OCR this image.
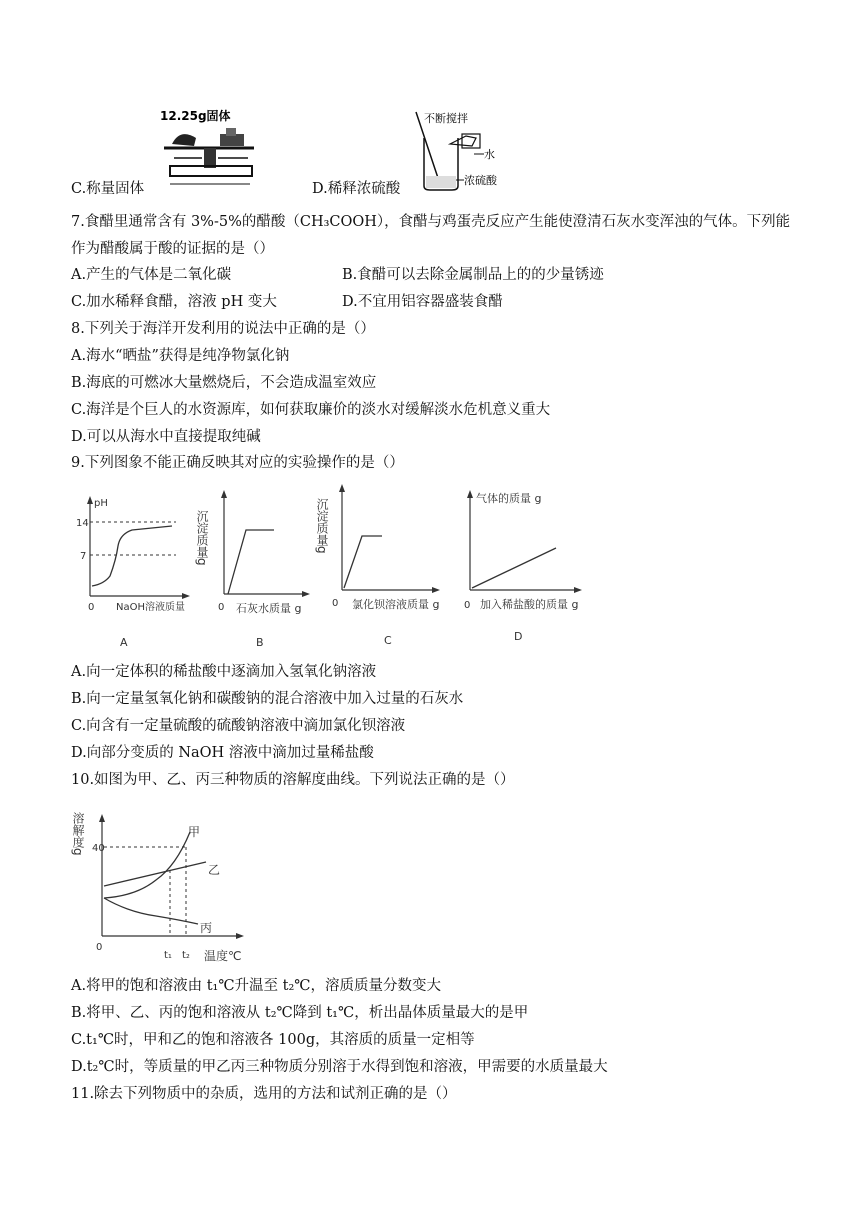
12.25g固体	不断搅拌
水
浓硫酸
C.称量固体	D.稀释浓硫酸
7.食醋里通常含有 3%-5%的醋酸（CH₃COOH），食醋与鸡蛋壳反应产生能使澄清石灰水变浑浊的气体。下列能
作为醋酸属于酸的证据的是（）
A.产生的气体是二氧化碳	B.食醋可以去除金属制品上的的少量锈迹
C.加水稀释食醋，溶液 pH 变大	D.不宜用铝容器盛装食醋
8.下列关于海洋开发利用的说法中正确的是（）
A.海水“晒盐”获得是纯净物氯化钠
B.海底的可燃冰大量燃烧后，不会造成温室效应
C.海洋是个巨人的水资源库，如何获取廉价的淡水对缓解淡水危机意义重大
D.可以从海水中直接提取纯碱
9.下列图象不能正确反映其对应的实验操作的是（）
pH
14
7
0 NaOH溶液质量
A
沉淀质量g
0 石灰水质量 g
B
沉淀质量g
0 氯化钡溶液质量 g
C
气体的质量 g
0 加入稀盐酸的质量 g
D
A.向一定体积的稀盐酸中逐滴加入氢氧化钠溶液
B.向一定量氢氧化钠和碳酸钠的混合溶液中加入过量的石灰水
C.向含有一定量硫酸的硫酸钠溶液中滴加氯化钡溶液
D.向部分变质的 NaOH 溶液中滴加过量稀盐酸
10.如图为甲、乙、丙三种物质的溶解度曲线。下列说法正确的是（）
溶解度g 40
甲
乙
丙
0
t₁ t₂ 温度℃
A.将甲的饱和溶液由 t₁℃升温至 t₂℃，溶质质量分数变大
B.将甲、乙、丙的饱和溶液从 t₂℃降到 t₁℃，析出晶体质量最大的是甲
C.t₁℃时，甲和乙的饱和溶液各 100g，其溶质的质量一定相等
D.t₂℃时，等质量的甲乙丙三种物质分别溶于水得到饱和溶液，甲需要的水质量最大
11.除去下列物质中的杂质，选用的方法和试剂正确的是（）
